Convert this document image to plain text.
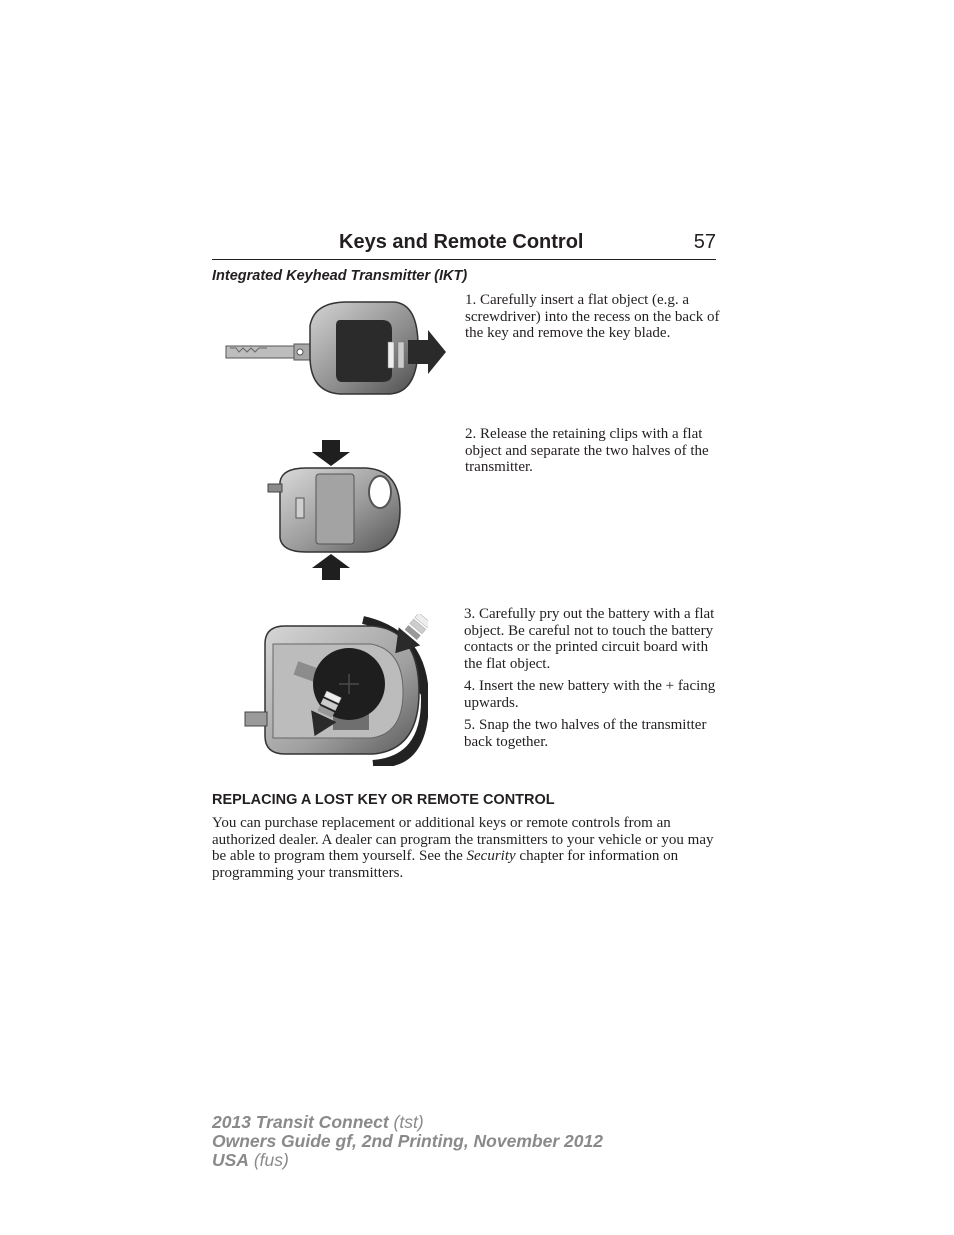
Keys and Remote Control	57
Integrated Keyhead Transmitter (IKT)

1. Carefully insert a flat object (e.g. a screwdriver) into the recess on the back of the key and remove the key blade.

2. Release the retaining clips with a flat object and separate the two halves of the transmitter.

3. Carefully pry out the battery with a flat object. Be careful not to touch the battery contacts or the printed circuit board with the flat object.

4. Insert the new battery with the + facing upwards.

5. Snap the two halves of the transmitter back together.

REPLACING A LOST KEY OR REMOTE CONTROL

You can purchase replacement or additional keys or remote controls from an authorized dealer. A dealer can program the transmitters to your vehicle or you may be able to program them yourself. See the Security chapter for information on programming your transmitters.

2013 Transit Connect (tst)
Owners Guide gf, 2nd Printing, November 2012
USA (fus)
